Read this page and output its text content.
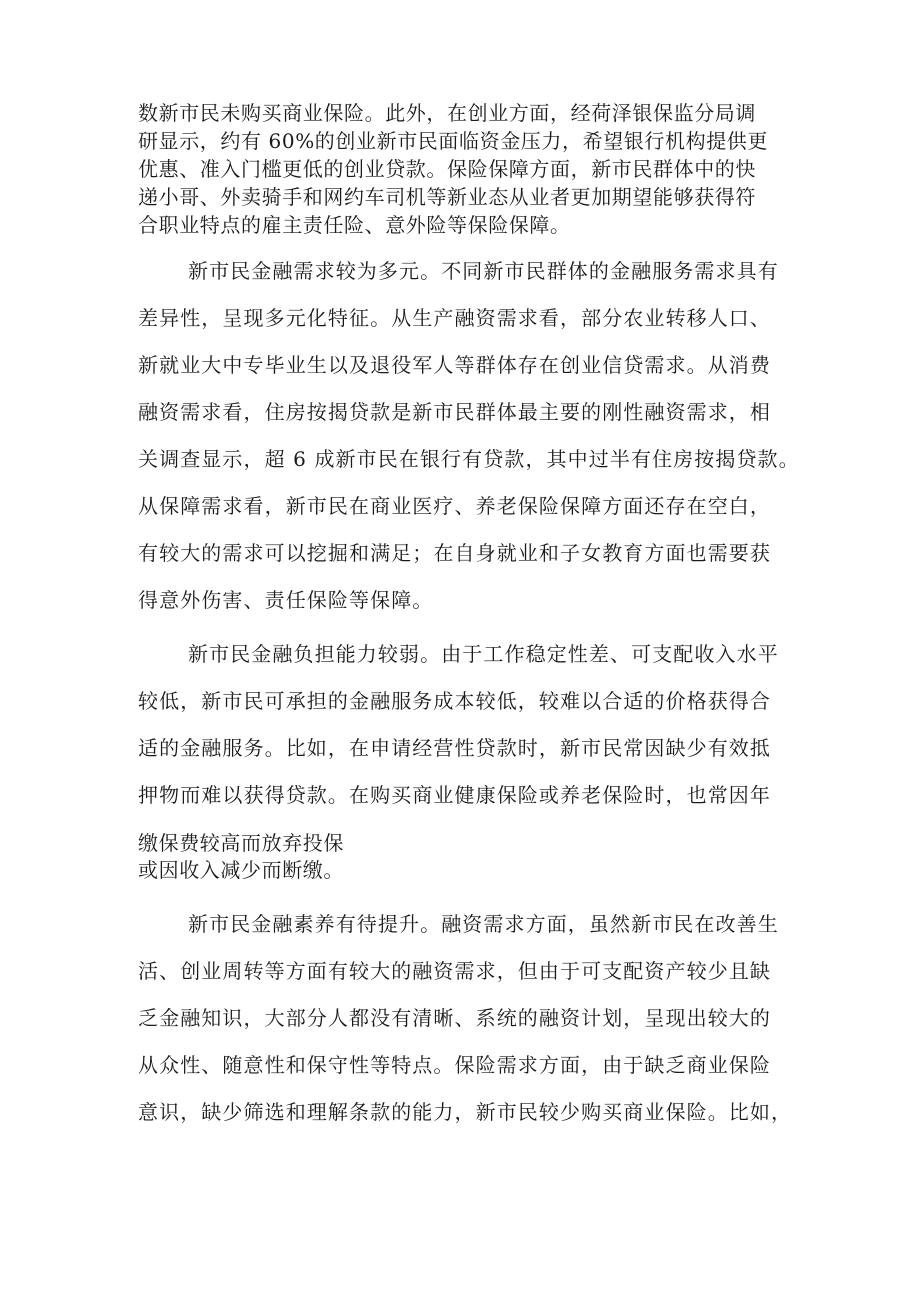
数新市民未购买商业保险。此外，在创业方面，经荷泽银保监分局调
研显示，约有 60%的创业新市民面临资金压力，希望银行机构提供更
优惠、准入门槛更低的创业贷款。保险保障方面，新市民群体中的快
递小哥、外卖骑手和网约车司机等新业态从业者更加期望能够获得符
合职业特点的雇主责任险、意外险等保险保障。
新市民金融需求较为多元。不同新市民群体的金融服务需求具有
差异性，呈现多元化特征。从生产融资需求看，部分农业转移人口、
新就业大中专毕业生以及退役军人等群体存在创业信贷需求。从消费
融资需求看，住房按揭贷款是新市民群体最主要的刚性融资需求，相
关调查显示，超 6 成新市民在银行有贷款，其中过半有住房按揭贷款。
从保障需求看，新市民在商业医疗、养老保险保障方面还存在空白，
有较大的需求可以挖掘和满足；在自身就业和子女教育方面也需要获
得意外伤害、责任保险等保障。
新市民金融负担能力较弱。由于工作稳定性差、可支配收入水平
较低，新市民可承担的金融服务成本较低，较难以合适的价格获得合
适的金融服务。比如，在申请经营性贷款时，新市民常因缺少有效抵
押物而难以获得贷款。在购买商业健康保险或养老保险时，也常因年
缴保费较高而放弃投保
或因收入减少而断缴。
新市民金融素养有待提升。融资需求方面，虽然新市民在改善生
活、创业周转等方面有较大的融资需求，但由于可支配资产较少且缺
乏金融知识，大部分人都没有清晰、系统的融资计划，呈现出较大的
从众性、随意性和保守性等特点。保险需求方面，由于缺乏商业保险
意识，缺少筛选和理解条款的能力，新市民较少购买商业保险。比如，
